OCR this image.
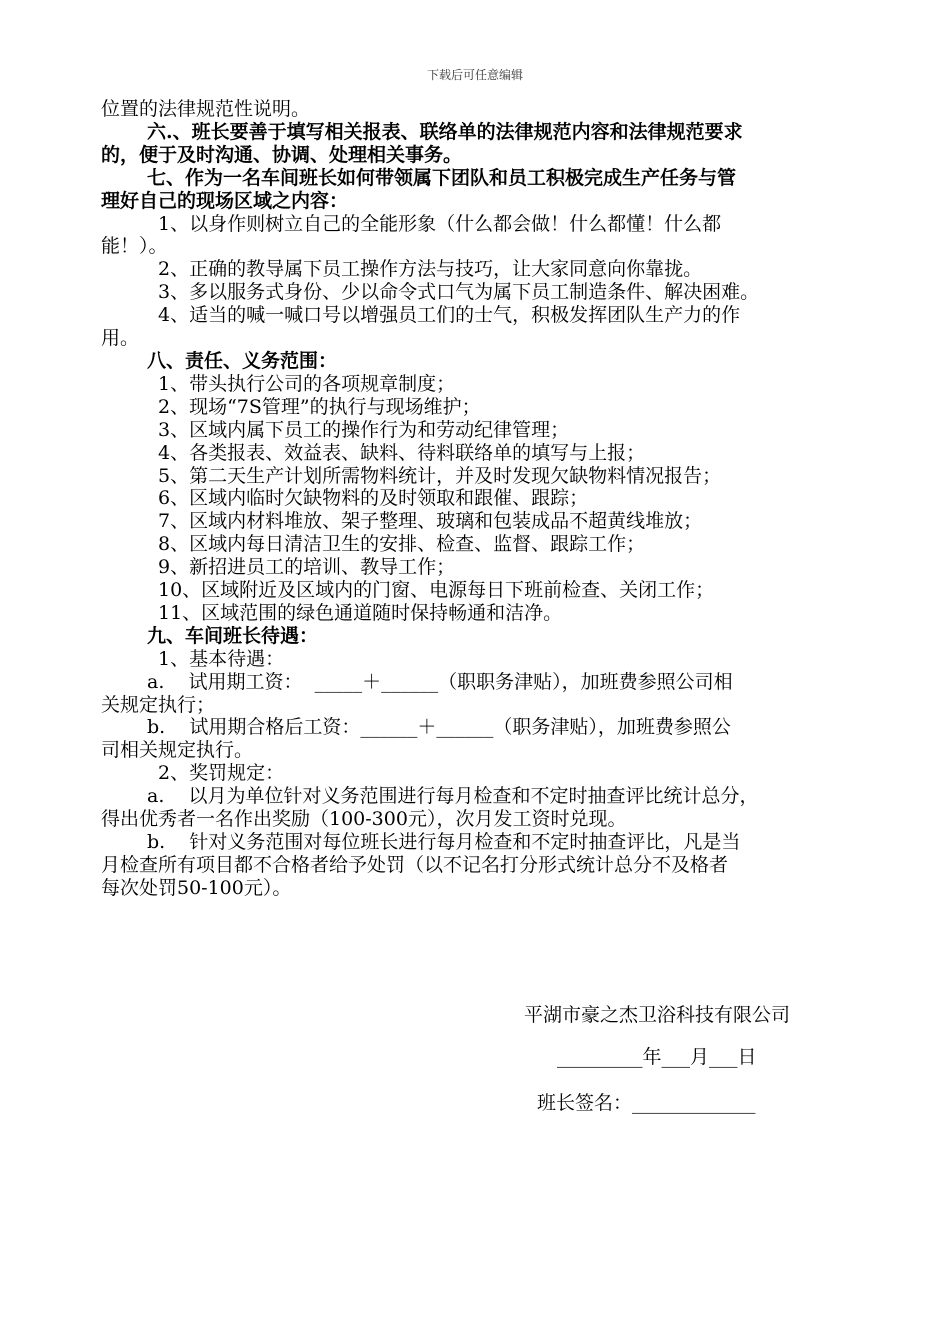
下载后可任意编辑
位置的法律规范性说明。
六.、班长要善于填写相关报表、联络单的法律规范内容和法律规范要求
的，便于及时沟通、协调、处理相关事务。
七、作为一名车间班长如何带领属下团队和员工积极完成生产任务与管
理好自己的现场区域之内容：
1、以身作则树立自己的全能形象（什么都会做！什么都懂！什么都
能！）。
2、正确的教导属下员工操作方法与技巧，让大家同意向你靠拢。
3、多以服务式身份、少以命令式口气为属下员工制造条件、解决困难。
4、适当的喊一喊口号以增强员工们的士气，积极发挥团队生产力的作
用。
八、责任、义务范围：
1、带头执行公司的各项规章制度；
2、现场“7S管理”的执行与现场维护；
3、区域内属下员工的操作行为和劳动纪律管理；
4、各类报表、效益表、缺料、待料联络单的填写与上报；
5、第二天生产计划所需物料统计，并及时发现欠缺物料情况报告；
6、区域内临时欠缺物料的及时领取和跟催、跟踪；
7、区域内材料堆放、架子整理、玻璃和包装成品不超黄线堆放；
8、区域内每日清洁卫生的安排、检查、监督、跟踪工作；
9、新招进员工的培训、教导工作；
10、区域附近及区域内的门窗、电源每日下班前检查、关闭工作；
11、区域范围的绿色通道随时保持畅通和洁净。
九、车间班长待遇：
1、基本待遇：
a.    试用期工资：  _____＋______（职职务津贴），加班费参照公司相
关规定执行；
b.    试用期合格后工资：______＋______（职务津贴），加班费参照公
司相关规定执行。
2、奖罚规定：
a.    以月为单位针对义务范围进行每月检查和不定时抽查评比统计总分，
得出优秀者一名作出奖励（100-300元），次月发工资时兑现。
b.    针对义务范围对每位班长进行每月检查和不定时抽查评比，凡是当
月检查所有项目都不合格者给予处罚（以不记名打分形式统计总分不及格者
每次处罚50-100元）。
平湖市豪之杰卫浴科技有限公司
_________年___月___日
班长签名：_____________
